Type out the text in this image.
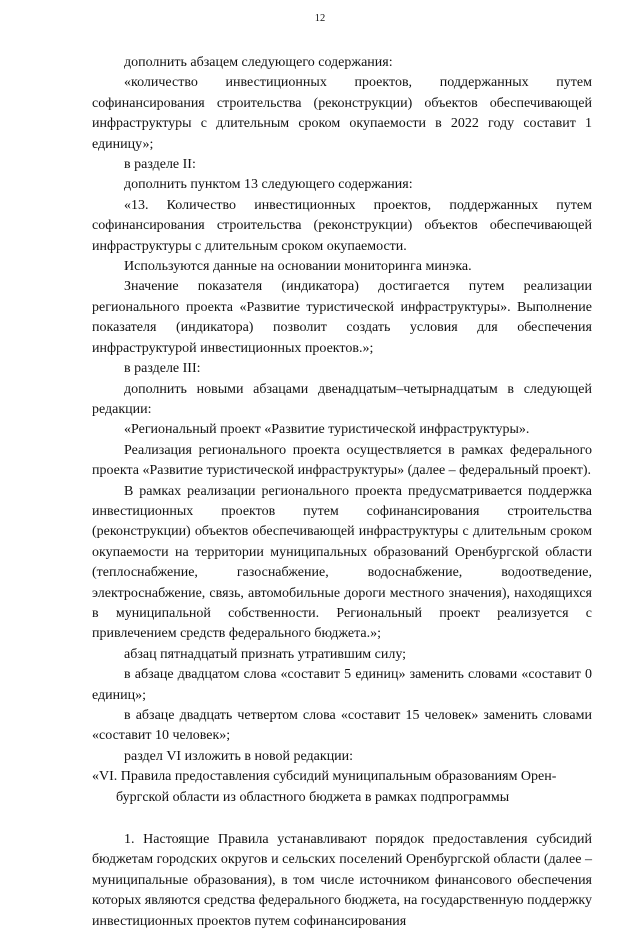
12

дополнить абзацем следующего содержания:

«количество инвестиционных проектов, поддержанных путем софинансирования строительства (реконструкции) объектов обеспечивающей инфраструктуры с длительным сроком окупаемости в 2022 году составит 1 единицу»;

в разделе II:

дополнить пунктом 13 следующего содержания:

«13. Количество инвестиционных проектов, поддержанных путем софинансирования строительства (реконструкции) объектов обеспечивающей инфраструктуры с длительным сроком окупаемости.

Используются данные на основании мониторинга минэка.

Значение показателя (индикатора) достигается путем реализации регионального проекта «Развитие туристической инфраструктуры». Выполнение показателя (индикатора) позволит создать условия для обеспечения инфраструктурой инвестиционных проектов.»;

в разделе III:

дополнить новыми абзацами двенадцатым–четырнадцатым в следующей редакции:

«Региональный проект «Развитие туристической инфраструктуры».

Реализация регионального проекта осуществляется в рамках федерального проекта «Развитие туристической инфраструктуры» (далее – федеральный проект).

В рамках реализации регионального проекта предусматривается поддержка инвестиционных проектов путем софинансирования строительства (реконструкции) объектов обеспечивающей инфраструктуры с длительным сроком окупаемости на территории муниципальных образований Оренбургской области (теплоснабжение, газоснабжение, водоснабжение, водоотведение, электроснабжение, связь, автомобильные дороги местного значения), находящихся в муниципальной собственности. Региональный проект реализуется с привлечением средств федерального бюджета.»;

абзац пятнадцатый признать утратившим силу;

в абзаце двадцатом слова «составит 5 единиц» заменить словами «составит 0 единиц»;

в абзаце двадцать четвертом слова «составит 15 человек» заменить словами «составит 10 человек»;

раздел VI изложить в новой редакции:

«VI. Правила предоставления субсидий муниципальным образованиям Орен-
бургской области из областного бюджета в рамках подпрограммы

1. Настоящие Правила устанавливают порядок предоставления субсидий бюджетам городских округов и сельских поселений Оренбургской области (далее – муниципальные образования), в том числе источником финансового обеспечения которых являются средства федерального бюджета, на государственную поддержку инвестиционных проектов путем софинансирования
